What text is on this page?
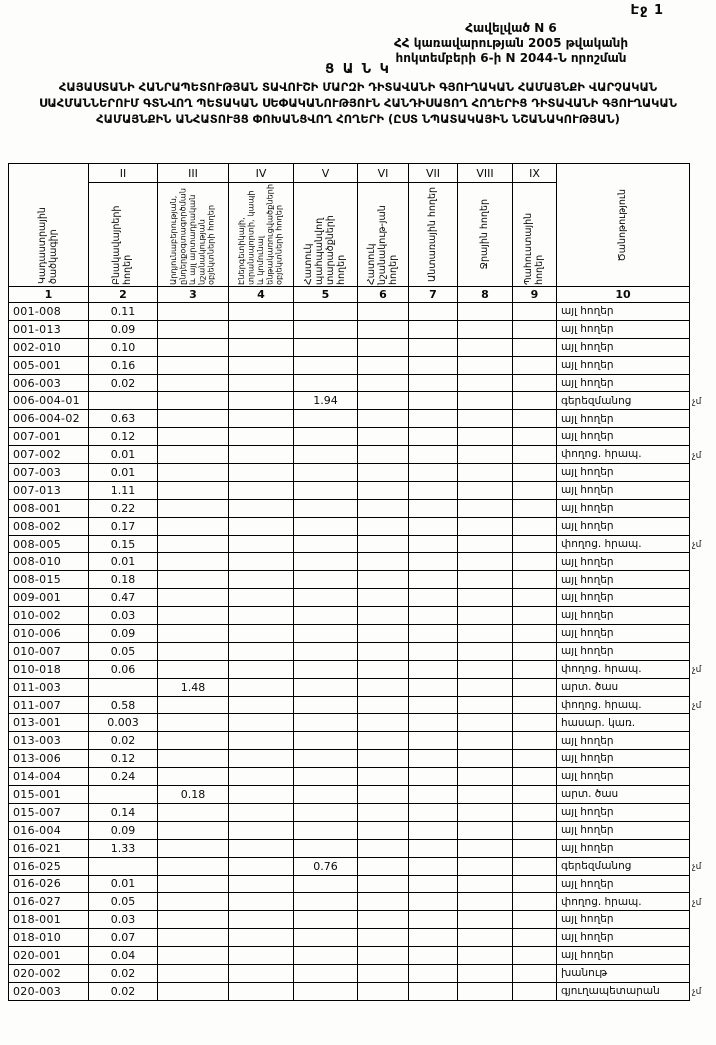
Էջ 1
Հավելված N 6
ՀՀ կառավարության 2005 թվականի
հոկտեմբերի 6-ի N 2044-Ն որոշման
Ց Ա Ն Կ
ՀԱՅԱՍՏԱՆԻ ՀԱՆՐԱՊԵՏՈՒԹՅԱՆ ՏԱՎՈՒՇԻ ՄԱՐԶԻ ԴԻՏԱՎԱՆԻ ԳՅՈՒՂԱԿԱՆ ՀԱՄԱՅՆՔԻ ՎԱՐՉԱԿԱՆ ՍԱՀՄԱՆՆԵՐՈՒՄ ԳՏՆՎՈՂ ՊԵՏԱԿԱՆ ՍԵՓԱԿԱՆՈՒԹՅՈՒՆ ՀԱՆԴԻՍԱՑՈՂ ՀՈՂԵՐԻՑ ԴԻՏԱՎԱՆԻ ԳՅՈՒՂԱԿԱՆ ՀԱՄԱՅՆՔԻՆ ԱՆՀԱՏՈՒՅՑ ՓՈԽԱՆՑՎՈՂ ՀՈՂԵՐԻ (ԸՍՏ ՆՊԱՏԱԿԱՅԻՆ ՆՇԱՆԱԿՈՒԹՅԱՆ)
Կադաստրային ծածկագիր	II	III	IV	V	VI	VII	VIII	IX	Ծանոթություն	

	Բնակավայրերի հողեր	Արդյունաբերության, ընդերքօգտագործման և այլ արտադրական նշանակության օբյեկտների հողեր	Էներգետիկայի, տրանսպորտի, կապի և կոմունալ ենթակառուցվածքների օբյեկտների հողեր	Հատուկ պահպանվող տարածքների հողեր	Հատուկ նշանակութ-յան հողեր	Անտառային հողեր	Ջրային հողեր	Պահուստային հողեր		

1	2	3	4	5	6	7	8	9	10	
001-008	0.11								այլ հողեր	
001-013	0.09								այլ հողեր	
002-010	0.10								այլ հողեր	
005-001	0.16								այլ հողեր	
006-003	0.02								այլ հողեր	
006-004-01				1.94					գերեզմանոց	չմ
006-004-02	0.63								այլ հողեր	
007-001	0.12								այլ հողեր	
007-002	0.01								փողոց. հրապ.	չմ
007-003	0.01								այլ հողեր	
007-013	1.11								այլ հողեր	
008-001	0.22								այլ հողեր	
008-002	0.17								այլ հողեր	
008-005	0.15								փողոց. հրապ.	չմ
008-010	0.01								այլ հողեր	
008-015	0.18								այլ հողեր	
009-001	0.47								այլ հողեր	
010-002	0.03								այլ հողեր	
010-006	0.09								այլ հողեր	
010-007	0.05								այլ հողեր	
010-018	0.06								փողոց. հրապ.	չմ
011-003		1.48							արտ. ծաս	
011-007	0.58								փողոց. հրապ.	չմ
013-001	0.003								հասար. կառ.	
013-003	0.02								այլ հողեր	
013-006	0.12								այլ հողեր	
014-004	0.24								այլ հողեր	
015-001		0.18							արտ. ծաս	
015-007	0.14								այլ հողեր	
016-004	0.09								այլ հողեր	
016-021	1.33								այլ հողեր	
016-025				0.76					գերեզմանոց	չմ
016-026	0.01								այլ հողեր	
016-027	0.05								փողոց. հրապ.	չմ
018-001	0.03								այլ հողեր	
018-010	0.07								այլ հողեր	
020-001	0.04								այլ հողեր	
020-002	0.02								խանութ	
020-003	0.02								գյուղապետարան	չմ
